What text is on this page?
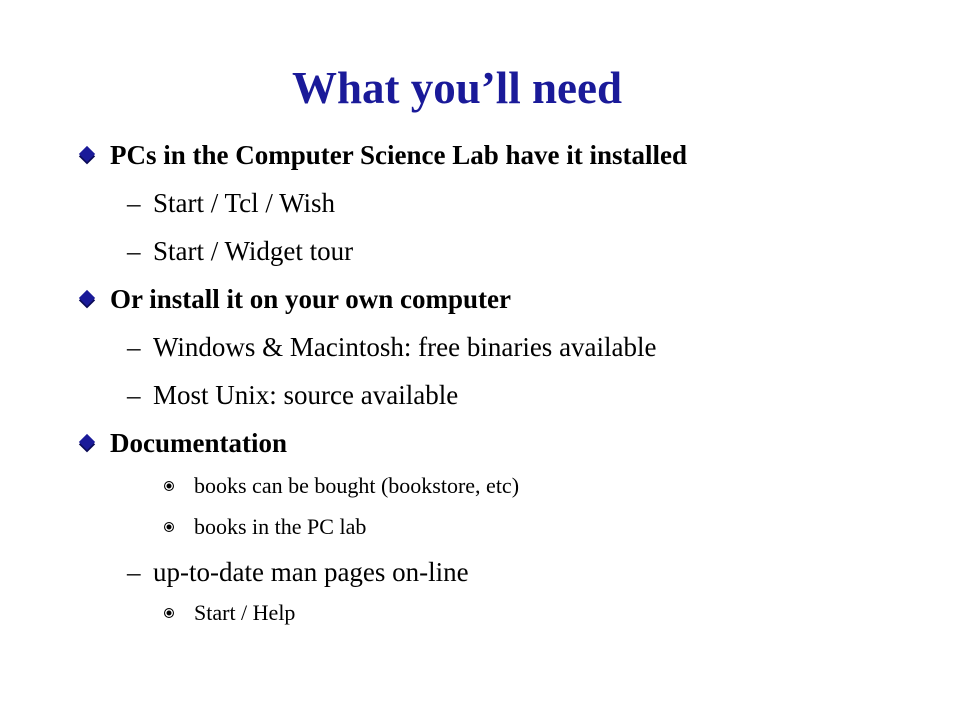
What you’ll need
PCs in the Computer Science Lab have it installed
– Start / Tcl / Wish
– Start / Widget tour
Or install it on your own computer
– Windows & Macintosh: free binaries available
– Most Unix: source available
Documentation
books can be bought (bookstore, etc)
books in the PC lab
– up-to-date man pages on-line
Start / Help
